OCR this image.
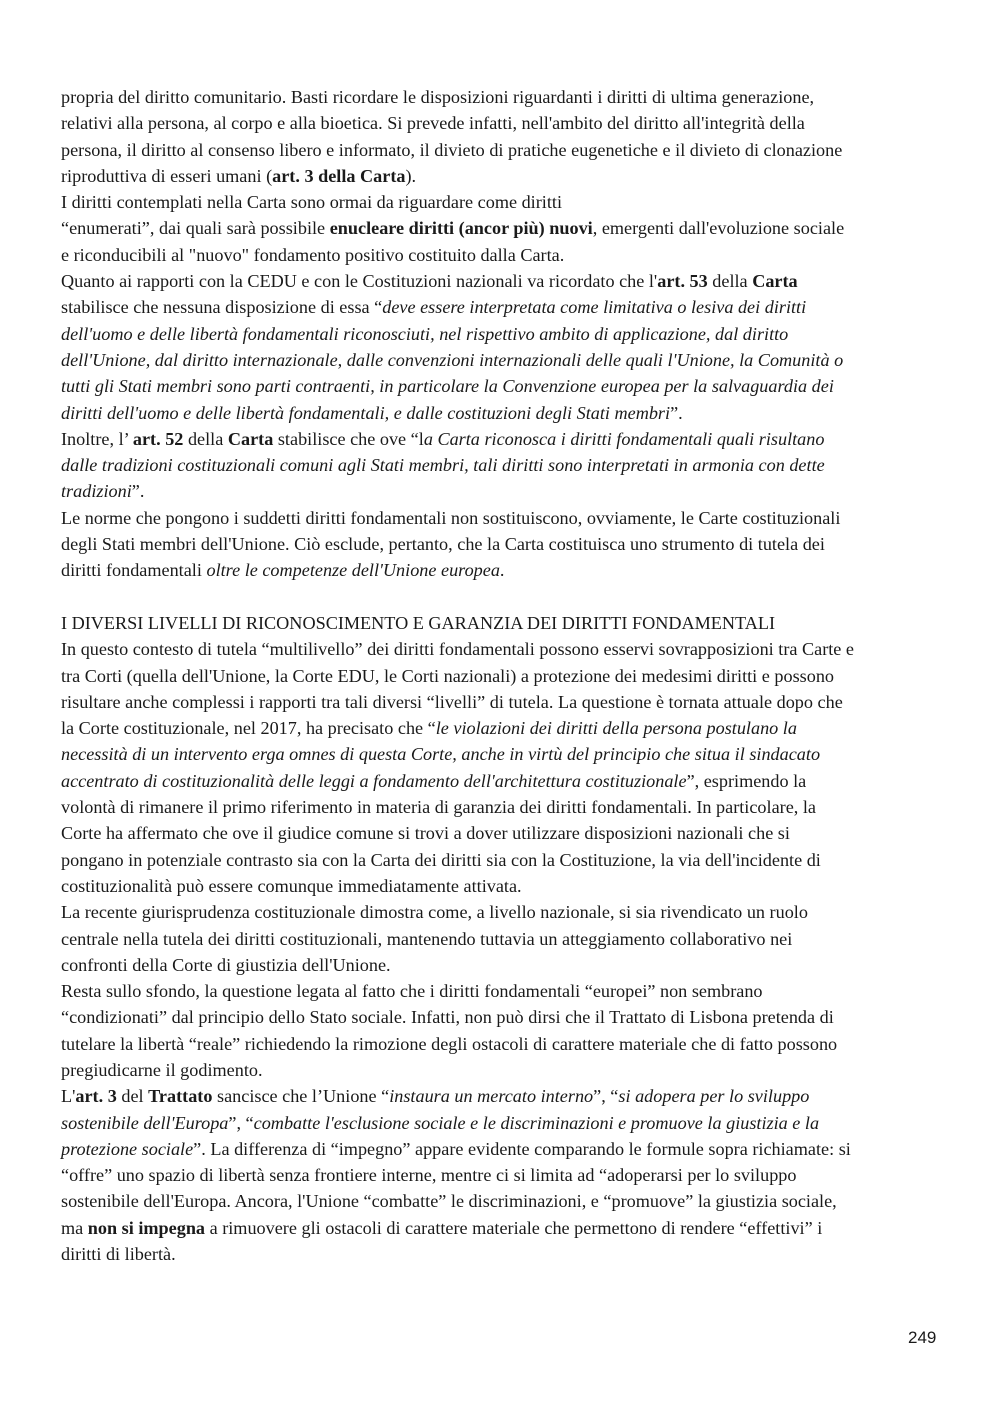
propria del diritto comunitario. Basti ricordare le disposizioni riguardanti i diritti di ultima generazione,
relativi alla persona, al corpo e alla bioetica. Si prevede infatti, nell'ambito del diritto all'integrità della
persona, il diritto al consenso libero e informato, il divieto di pratiche eugenetiche e il divieto di clonazione
riproduttiva di esseri umani (art. 3 della Carta).
I diritti contemplati nella Carta sono ormai da riguardare come diritti
“enumerati”, dai quali sarà possibile enucleare diritti (ancor più) nuovi, emergenti dall'evoluzione sociale
e riconducibili al "nuovo" fondamento positivo costituito dalla Carta.
Quanto ai rapporti con la CEDU e con le Costituzioni nazionali va ricordato che l'art. 53 della Carta
stabilisce che nessuna disposizione di essa “deve essere interpretata come limitativa o lesiva dei diritti
dell'uomo e delle libertà fondamentali riconosciuti, nel rispettivo ambito di applicazione, dal diritto
dell'Unione, dal diritto internazionale, dalle convenzioni internazionali delle quali l'Unione, la Comunità o
tutti gli Stati membri sono parti contraenti, in particolare la Convenzione europea per la salvaguardia dei
diritti dell'uomo e delle libertà fondamentali, e dalle costituzioni degli Stati membri”.
Inoltre, l’ art. 52 della Carta stabilisce che ove “la Carta riconosca i diritti fondamentali quali risultano
dalle tradizioni costituzionali comuni agli Stati membri, tali diritti sono interpretati in armonia con dette
tradizioni”.
Le norme che pongono i suddetti diritti fondamentali non sostituiscono, ovviamente, le Carte costituzionali
degli Stati membri dell'Unione. Ciò esclude, pertanto, che la Carta costituisca uno strumento di tutela dei
diritti fondamentali oltre le competenze dell'Unione europea.
I DIVERSI LIVELLI DI RICONOSCIMENTO E GARANZIA DEI DIRITTI FONDAMENTALI
In questo contesto di tutela “multilivello” dei diritti fondamentali possono esservi sovrapposizioni tra Carte e
tra Corti (quella dell'Unione, la Corte EDU, le Corti nazionali) a protezione dei medesimi diritti e possono
risultare anche complessi i rapporti tra tali diversi “livelli” di tutela. La questione è tornata attuale dopo che
la Corte costituzionale, nel 2017, ha precisato che “le violazioni dei diritti della persona postulano la
necessità di un intervento erga omnes di questa Corte, anche in virtù del principio che situa il sindacato
accentrato di costituzionalità delle leggi a fondamento dell'architettura costituzionale”, esprimendo la
volontà di rimanere il primo riferimento in materia di garanzia dei diritti fondamentali. In particolare, la
Corte ha affermato che ove il giudice comune si trovi a dover utilizzare disposizioni nazionali che si
pongano in potenziale contrasto sia con la Carta dei diritti sia con la Costituzione, la via dell'incidente di
costituzionalità può essere comunque immediatamente attivata.
La recente giurisprudenza costituzionale dimostra come, a livello nazionale, si sia rivendicato un ruolo
centrale nella tutela dei diritti costituzionali, mantenendo tuttavia un atteggiamento collaborativo nei
confronti della Corte di giustizia dell'Unione.
Resta sullo sfondo, la questione legata al fatto che i diritti fondamentali “europei” non sembrano
“condizionati” dal principio dello Stato sociale. Infatti, non può dirsi che il Trattato di Lisbona pretenda di
tutelare la libertà “reale” richiedendo la rimozione degli ostacoli di carattere materiale che di fatto possono
pregiudicarne il godimento.
L'art. 3 del Trattato sancisce che l’Unione “instaura un mercato interno”, “si adopera per lo sviluppo
sostenibile dell'Europa”, “combatte l'esclusione sociale e le discriminazioni e promuove la giustizia e la
protezione sociale”. La differenza di “impegno” appare evidente comparando le formule sopra richiamate: si
“offre” uno spazio di libertà senza frontiere interne, mentre ci si limita ad “adoperarsi per lo sviluppo
sostenibile dell'Europa. Ancora, l'Unione “combatte” le discriminazioni, e “promuove” la giustizia sociale,
ma non si impegna a rimuovere gli ostacoli di carattere materiale che permettono di rendere “effettivi” i
diritti di libertà.
249
